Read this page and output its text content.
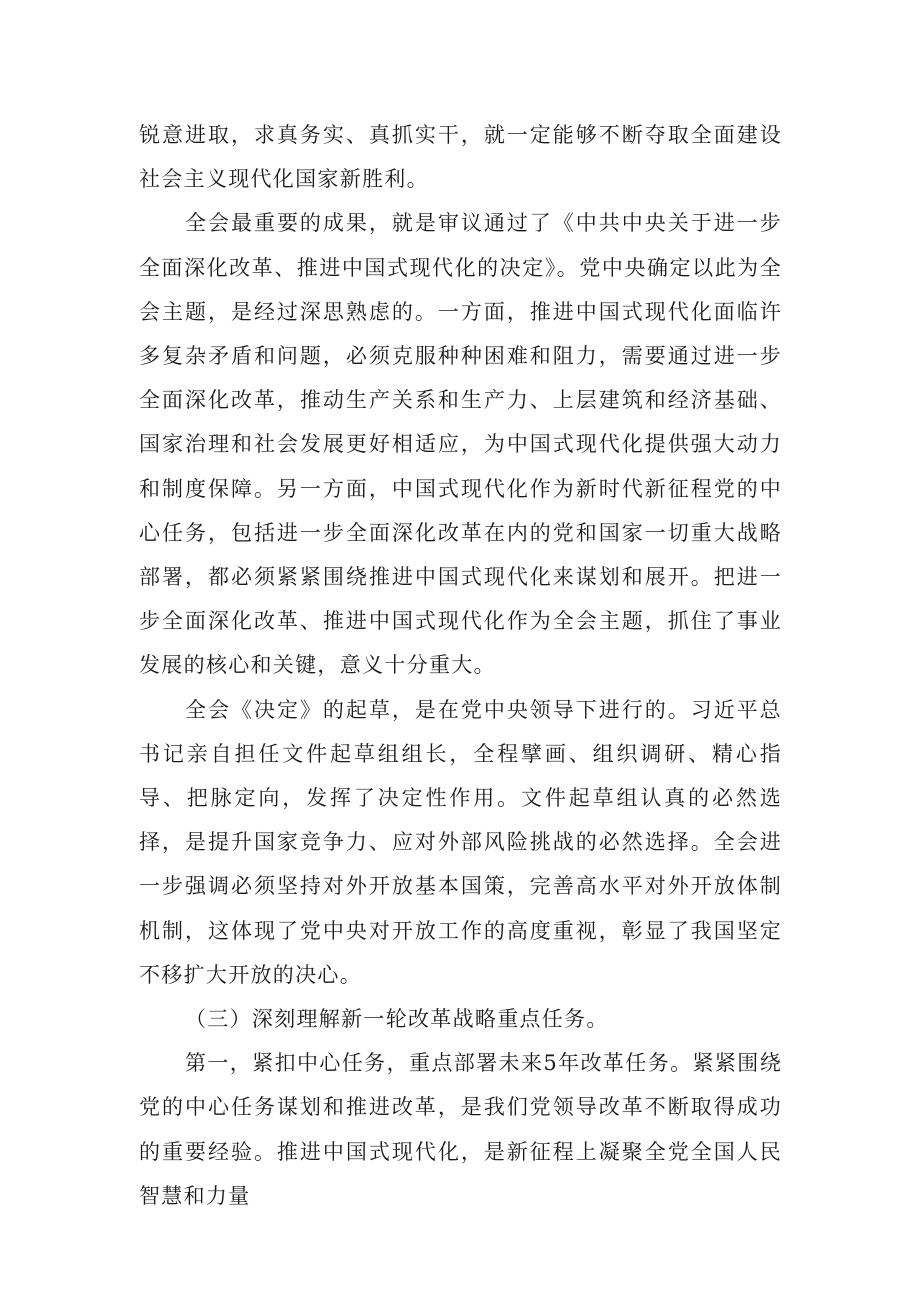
锐意进取，求真务实、真抓实干，就一定能够不断夺取全面建设社会主义现代化国家新胜利。

全会最重要的成果，就是审议通过了《中共中央关于进一步全面深化改革、推进中国式现代化的决定》。党中央确定以此为全会主题，是经过深思熟虑的。一方面，推进中国式现代化面临许多复杂矛盾和问题，必须克服种种困难和阻力，需要通过进一步全面深化改革，推动生产关系和生产力、上层建筑和经济基础、国家治理和社会发展更好相适应，为中国式现代化提供强大动力和制度保障。另一方面，中国式现代化作为新时代新征程党的中心任务，包括进一步全面深化改革在内的党和国家一切重大战略部署，都必须紧紧围绕推进中国式现代化来谋划和展开。把进一步全面深化改革、推进中国式现代化作为全会主题，抓住了事业发展的核心和关键，意义十分重大。

全会《决定》的起草，是在党中央领导下进行的。习近平总书记亲自担任文件起草组组长，全程擘画、组织调研、精心指导、把脉定向，发挥了决定性作用。文件起草组认真的必然选择，是提升国家竞争力、应对外部风险挑战的必然选择。全会进一步强调必须坚持对外开放基本国策，完善高水平对外开放体制机制，这体现了党中央对开放工作的高度重视，彰显了我国坚定不移扩大开放的决心。

（三）深刻理解新一轮改革战略重点任务。

第一，紧扣中心任务，重点部署未来5年改革任务。紧紧围绕党的中心任务谋划和推进改革，是我们党领导改革不断取得成功的重要经验。推进中国式现代化，是新征程上凝聚全党全国人民智慧和力量
